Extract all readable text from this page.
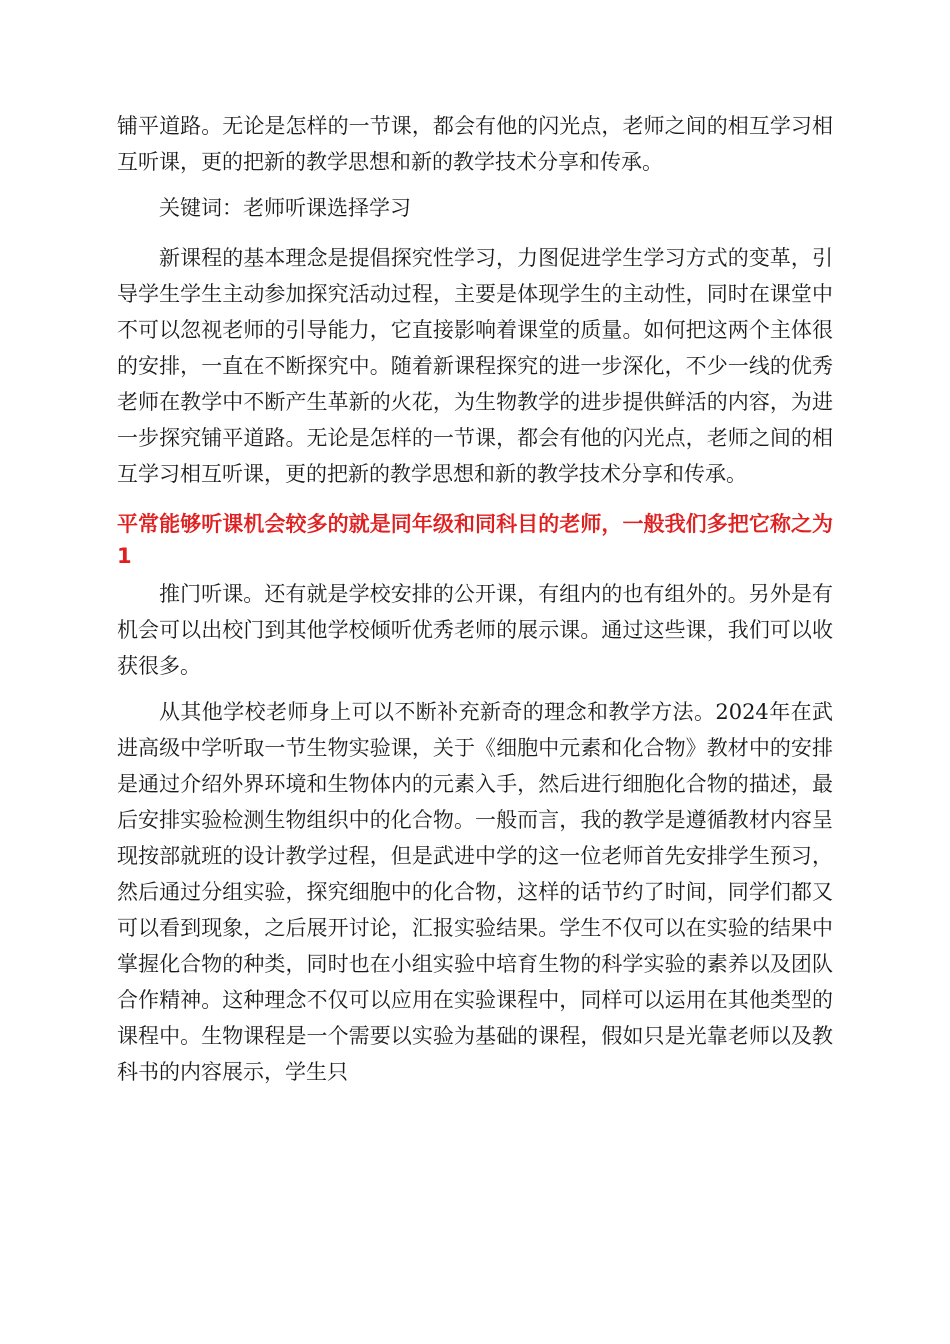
铺平道路。无论是怎样的一节课，都会有他的闪光点，老师之间的相互学习相互听课，更的把新的教学思想和新的教学技术分享和传承。

关键词：老师听课选择学习

新课程的基本理念是提倡探究性学习，力图促进学生学习方式的变革，引导学生学生主动参加探究活动过程，主要是体现学生的主动性，同时在课堂中不可以忽视老师的引导能力，它直接影响着课堂的质量。如何把这两个主体很的安排，一直在不断探究中。随着新课程探究的进一步深化，不少一线的优秀老师在教学中不断产生革新的火花，为生物教学的进步提供鲜活的内容，为进一步探究铺平道路。无论是怎样的一节课，都会有他的闪光点，老师之间的相互学习相互听课，更的把新的教学思想和新的教学技术分享和传承。

平常能够听课机会较多的就是同年级和同科目的老师，一般我们多把它称之为1

推门听课。还有就是学校安排的公开课，有组内的也有组外的。另外是有机会可以出校门到其他学校倾听优秀老师的展示课。通过这些课，我们可以收获很多。

从其他学校老师身上可以不断补充新奇的理念和教学方法。2024年在武进高级中学听取一节生物实验课，关于《细胞中元素和化合物》教材中的安排是通过介绍外界环境和生物体内的元素入手，然后进行细胞化合物的描述，最后安排实验检测生物组织中的化合物。一般而言，我的教学是遵循教材内容呈现按部就班的设计教学过程，但是武进中学的这一位老师首先安排学生预习，然后通过分组实验，探究细胞中的化合物，这样的话节约了时间，同学们都又可以看到现象，之后展开讨论，汇报实验结果。学生不仅可以在实验的结果中掌握化合物的种类，同时也在小组实验中培育生物的科学实验的素养以及团队合作精神。这种理念不仅可以应用在实验课程中，同样可以运用在其他类型的课程中。生物课程是一个需要以实验为基础的课程，假如只是光靠老师以及教科书的内容展示，学生只
